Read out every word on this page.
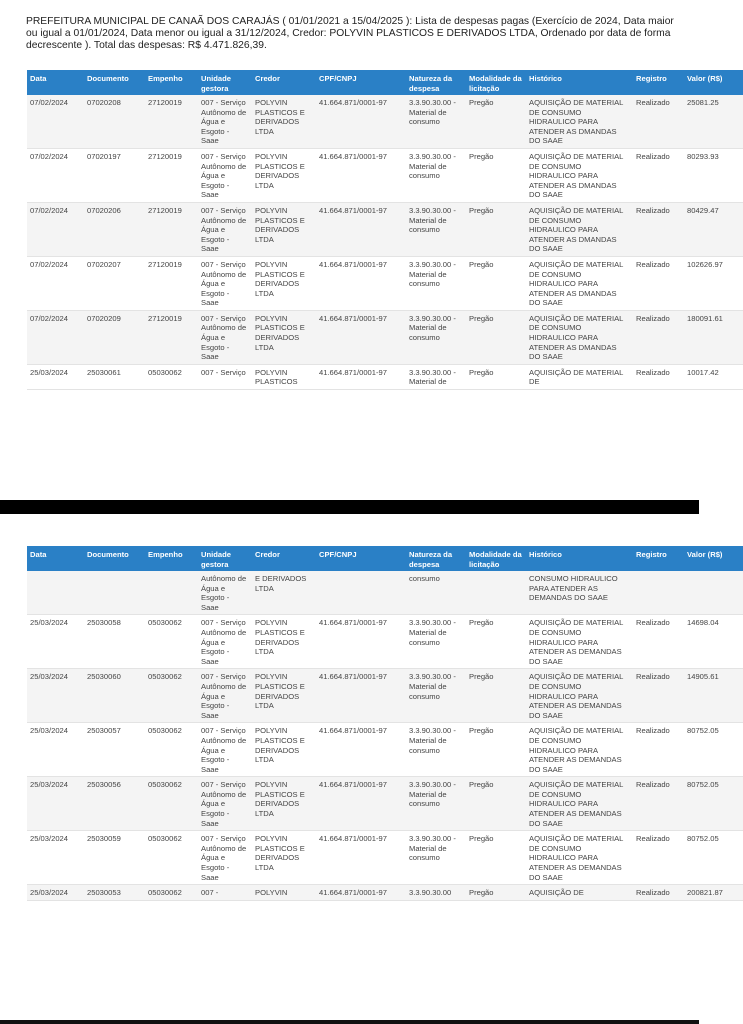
PREFEITURA MUNICIPAL DE CANAÃ DOS CARAJÁS ( 01/01/2021 a 15/04/2025 ): Lista de despesas pagas (Exercício de 2024, Data maior ou igual a 01/01/2024, Data menor ou igual a 31/12/2024, Credor: POLYVIN PLASTICOS E DERIVADOS LTDA, Ordenado por data de forma decrescente ). Total das despesas: R$ 4.471.826,39.
Data	Documento	Empenho	Unidade gestora	Credor	CPF/CNPJ	Natureza da despesa	Modalidade da licitação	Histórico	Registro	Valor (R$)
07/02/2024	07020208	27120019	007 - Serviço Autônomo de Água e Esgoto - Saae	POLYVIN PLASTICOS E DERIVADOS LTDA	41.664.871/0001-97	3.3.90.30.00 - Material de consumo	Pregão	AQUISIÇÃO DE MATERIAL DE CONSUMO HIDRAULICO PARA ATENDER AS DMANDAS DO SAAE	Realizado	25081.25
07/02/2024	07020197	27120019	007 - Serviço Autônomo de Água e Esgoto - Saae	POLYVIN PLASTICOS E DERIVADOS LTDA	41.664.871/0001-97	3.3.90.30.00 - Material de consumo	Pregão	AQUISIÇÃO DE MATERIAL DE CONSUMO HIDRAULICO PARA ATENDER AS DMANDAS DO SAAE	Realizado	80293.93
07/02/2024	07020206	27120019	007 - Serviço Autônomo de Água e Esgoto - Saae	POLYVIN PLASTICOS E DERIVADOS LTDA	41.664.871/0001-97	3.3.90.30.00 - Material de consumo	Pregão	AQUISIÇÃO DE MATERIAL DE CONSUMO HIDRAULICO PARA ATENDER AS DMANDAS DO SAAE	Realizado	80429.47
07/02/2024	07020207	27120019	007 - Serviço Autônomo de Água e Esgoto - Saae	POLYVIN PLASTICOS E DERIVADOS LTDA	41.664.871/0001-97	3.3.90.30.00 - Material de consumo	Pregão	AQUISIÇÃO DE MATERIAL DE CONSUMO HIDRAULICO PARA ATENDER AS DMANDAS DO SAAE	Realizado	102626.97
07/02/2024	07020209	27120019	007 - Serviço Autônomo de Água e Esgoto - Saae	POLYVIN PLASTICOS E DERIVADOS LTDA	41.664.871/0001-97	3.3.90.30.00 - Material de consumo	Pregão	AQUISIÇÃO DE MATERIAL DE CONSUMO HIDRAULICO PARA ATENDER AS DMANDAS DO SAAE	Realizado	180091.61
25/03/2024	25030061	05030062	007 - Serviço	POLYVIN PLASTICOS	41.664.871/0001-97	3.3.90.30.00 - Material de	Pregão	AQUISIÇÃO DE MATERIAL DE	Realizado	10017.42
Data	Documento	Empenho	Unidade gestora	Credor	CPF/CNPJ	Natureza da despesa	Modalidade da licitação	Histórico	Registro	Valor (R$)
			Autônomo de Água e Esgoto - Saae	E DERIVADOS LTDA		consumo		CONSUMO HIDRAULICO PARA ATENDER AS DEMANDAS DO SAAE		
25/03/2024	25030058	05030062	007 - Serviço Autônomo de Água e Esgoto - Saae	POLYVIN PLASTICOS E DERIVADOS LTDA	41.664.871/0001-97	3.3.90.30.00 - Material de consumo	Pregão	AQUISIÇÃO DE MATERIAL DE CONSUMO HIDRAULICO PARA ATENDER AS DEMANDAS DO SAAE	Realizado	14698.04
25/03/2024	25030060	05030062	007 - Serviço Autônomo de Água e Esgoto - Saae	POLYVIN PLASTICOS E DERIVADOS LTDA	41.664.871/0001-97	3.3.90.30.00 - Material de consumo	Pregão	AQUISIÇÃO DE MATERIAL DE CONSUMO HIDRAULICO PARA ATENDER AS DEMANDAS DO SAAE	Realizado	14905.61
25/03/2024	25030057	05030062	007 - Serviço Autônomo de Água e Esgoto - Saae	POLYVIN PLASTICOS E DERIVADOS LTDA	41.664.871/0001-97	3.3.90.30.00 - Material de consumo	Pregão	AQUISIÇÃO DE MATERIAL DE CONSUMO HIDRAULICO PARA ATENDER AS DEMANDAS DO SAAE	Realizado	80752.05
25/03/2024	25030056	05030062	007 - Serviço Autônomo de Água e Esgoto - Saae	POLYVIN PLASTICOS E DERIVADOS LTDA	41.664.871/0001-97	3.3.90.30.00 - Material de consumo	Pregão	AQUISIÇÃO DE MATERIAL DE CONSUMO HIDRAULICO PARA ATENDER AS DEMANDAS DO SAAE	Realizado	80752.05
25/03/2024	25030059	05030062	007 - Serviço Autônomo de Água e Esgoto - Saae	POLYVIN PLASTICOS E DERIVADOS LTDA	41.664.871/0001-97	3.3.90.30.00 - Material de consumo	Pregão	AQUISIÇÃO DE MATERIAL DE CONSUMO HIDRAULICO PARA ATENDER AS DEMANDAS DO SAAE	Realizado	80752.05
25/03/2024	25030053	05030062	007 -	POLYVIN	41.664.871/0001-97	3.3.90.30.00	Pregão	AQUISIÇÃO DE	Realizado	200821.87
